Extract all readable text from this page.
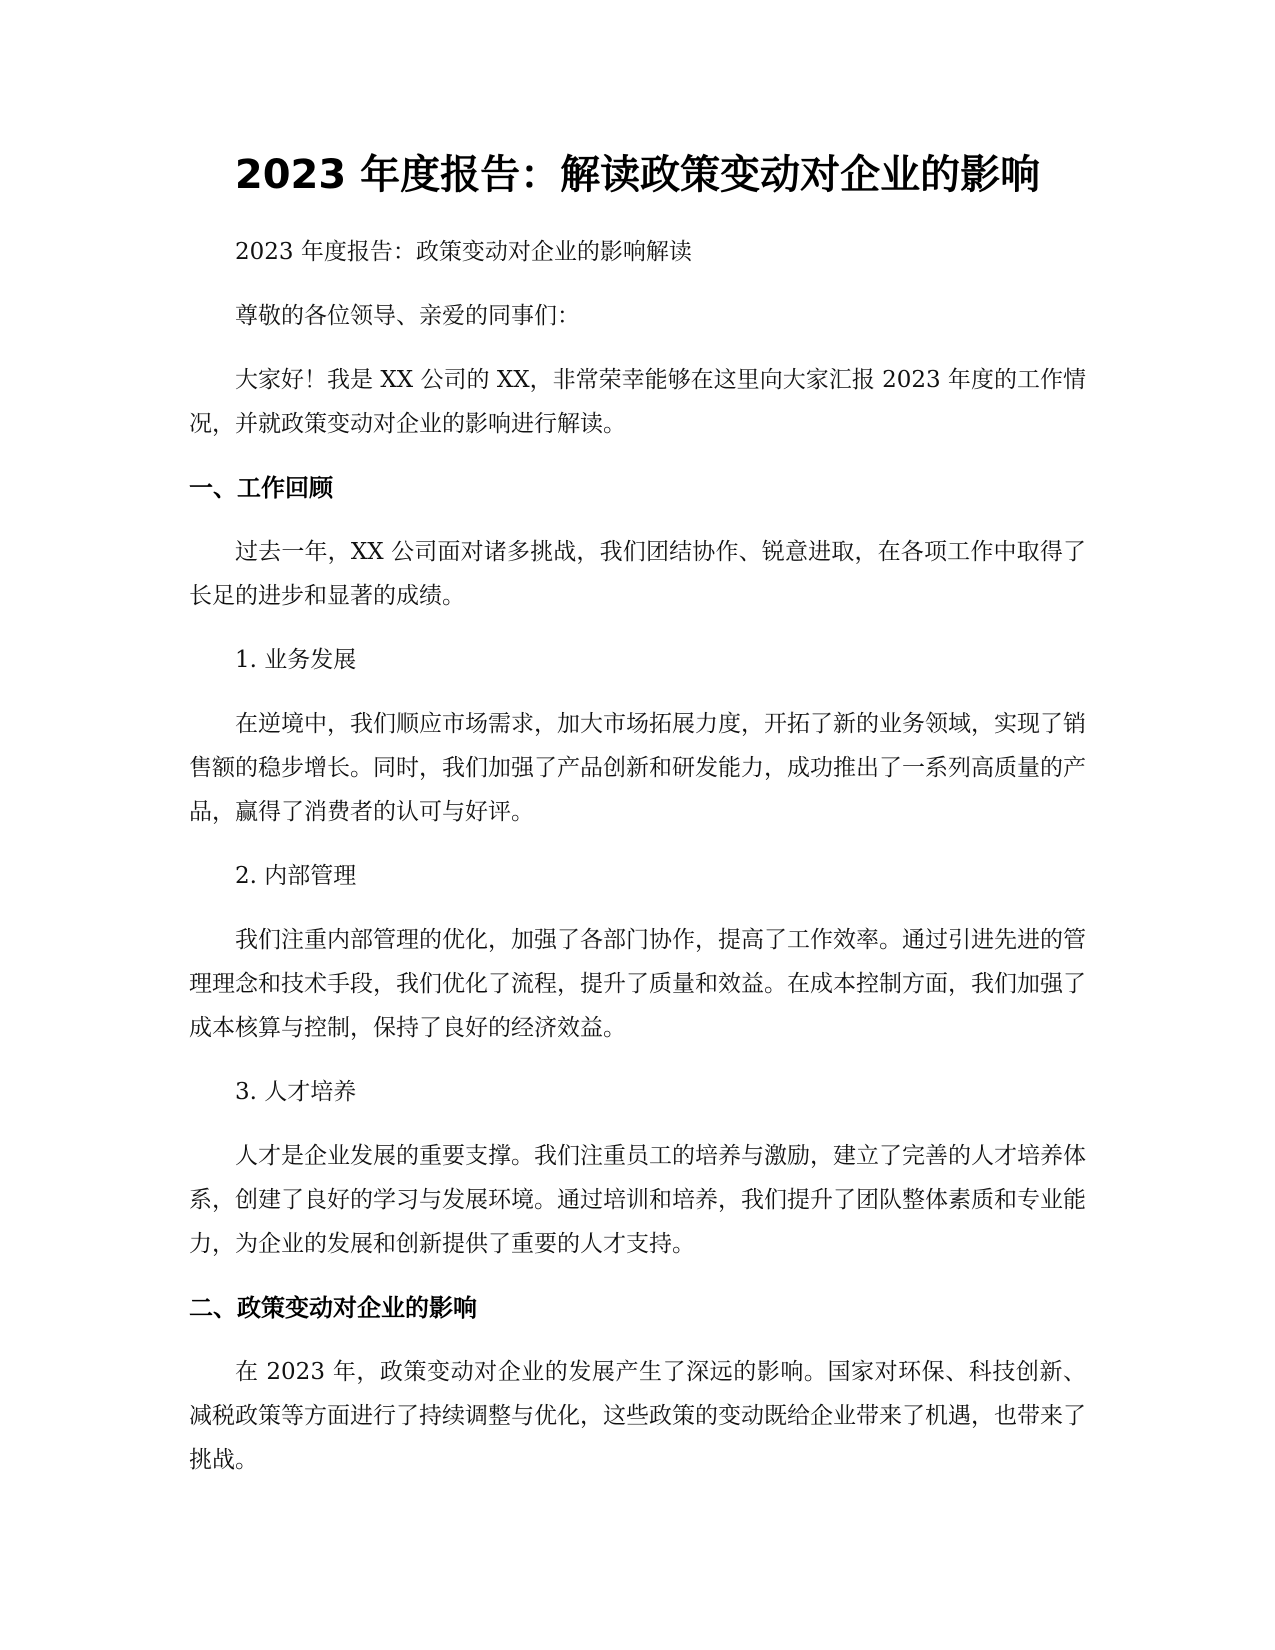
2023 年度报告：解读政策变动对企业的影响

2023 年度报告：政策变动对企业的影响解读

尊敬的各位领导、亲爱的同事们：

大家好！我是 XX 公司的 XX，非常荣幸能够在这里向大家汇报 2023 年度的工作情况，并就政策变动对企业的影响进行解读。

一、工作回顾

过去一年，XX 公司面对诸多挑战，我们团结协作、锐意进取，在各项工作中取得了长足的进步和显著的成绩。

1. 业务发展

在逆境中，我们顺应市场需求，加大市场拓展力度，开拓了新的业务领域，实现了销售额的稳步增长。同时，我们加强了产品创新和研发能力，成功推出了一系列高质量的产品，赢得了消费者的认可与好评。

2. 内部管理

我们注重内部管理的优化，加强了各部门协作，提高了工作效率。通过引进先进的管理理念和技术手段，我们优化了流程，提升了质量和效益。在成本控制方面，我们加强了成本核算与控制，保持了良好的经济效益。

3. 人才培养

人才是企业发展的重要支撑。我们注重员工的培养与激励，建立了完善的人才培养体系，创建了良好的学习与发展环境。通过培训和培养，我们提升了团队整体素质和专业能力，为企业的发展和创新提供了重要的人才支持。

二、政策变动对企业的影响

在 2023 年，政策变动对企业的发展产生了深远的影响。国家对环保、科技创新、减税政策等方面进行了持续调整与优化，这些政策的变动既给企业带来了机遇，也带来了挑战。
